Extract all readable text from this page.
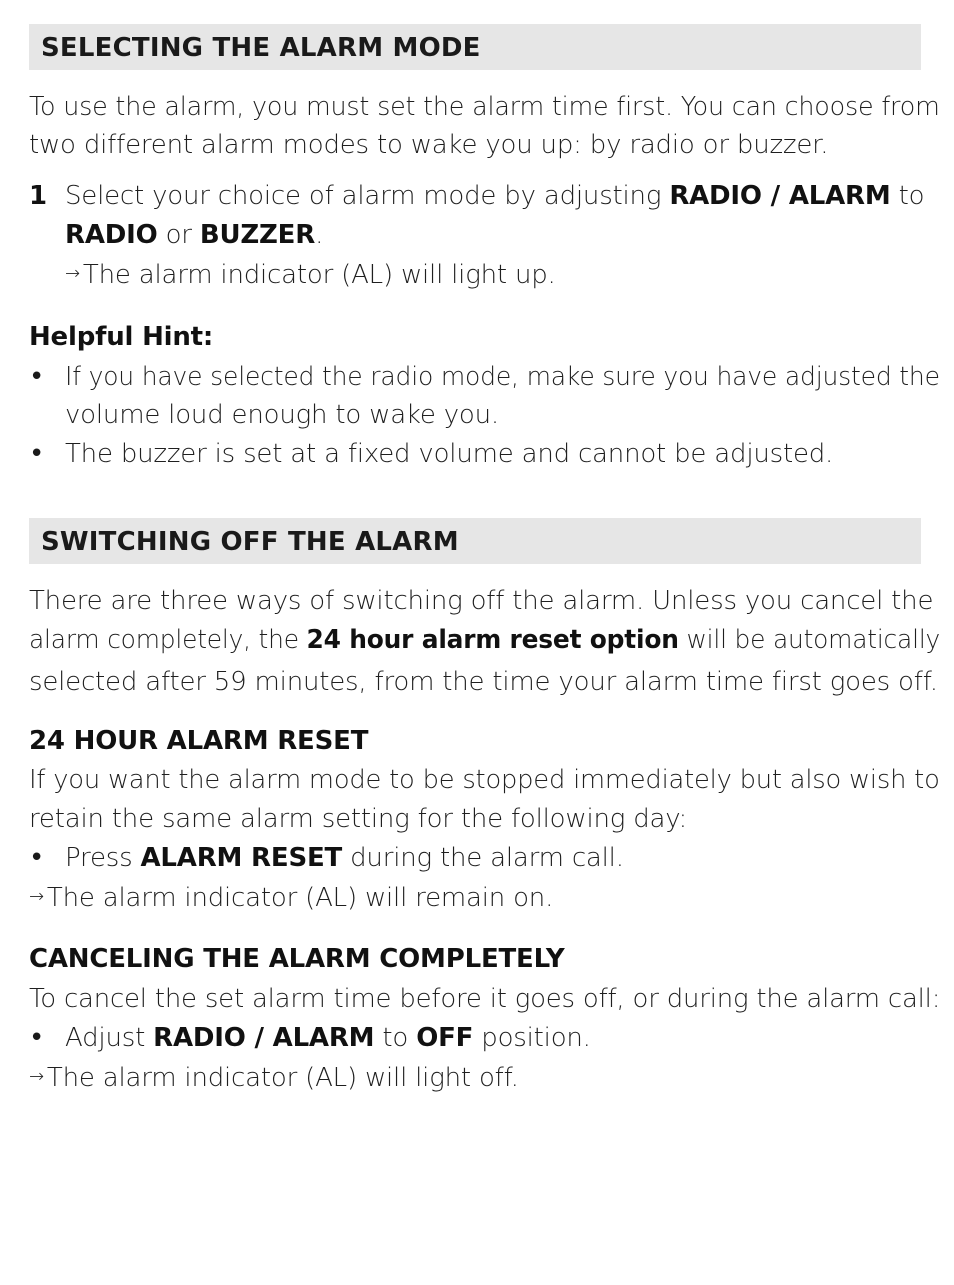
SELECTING THE ALARM MODE
To use the alarm, you must set the alarm time first. You can choose from
two different alarm modes to wake you up: by radio or buzzer.
1 Select your choice of alarm mode by adjusting RADIO / ALARM to
RADIO or BUZZER.
→ The alarm indicator (AL) will light up.
Helpful Hint:
• If you have selected the radio mode, make sure you have adjusted the
volume loud enough to wake you.
• The buzzer is set at a fixed volume and cannot be adjusted.
SWITCHING OFF THE ALARM
There are three ways of switching off the alarm. Unless you cancel the
alarm completely, the 24 hour alarm reset option will be automatically
selected after 59 minutes, from the time your alarm time first goes off.
24 HOUR ALARM RESET
If you want the alarm mode to be stopped immediately but also wish to
retain the same alarm setting for the following day:
• Press ALARM RESET during the alarm call.
→ The alarm indicator (AL) will remain on.
CANCELING THE ALARM COMPLETELY
To cancel the set alarm time before it goes off, or during the alarm call:
• Adjust RADIO / ALARM to OFF position.
→ The alarm indicator (AL) will light off.
